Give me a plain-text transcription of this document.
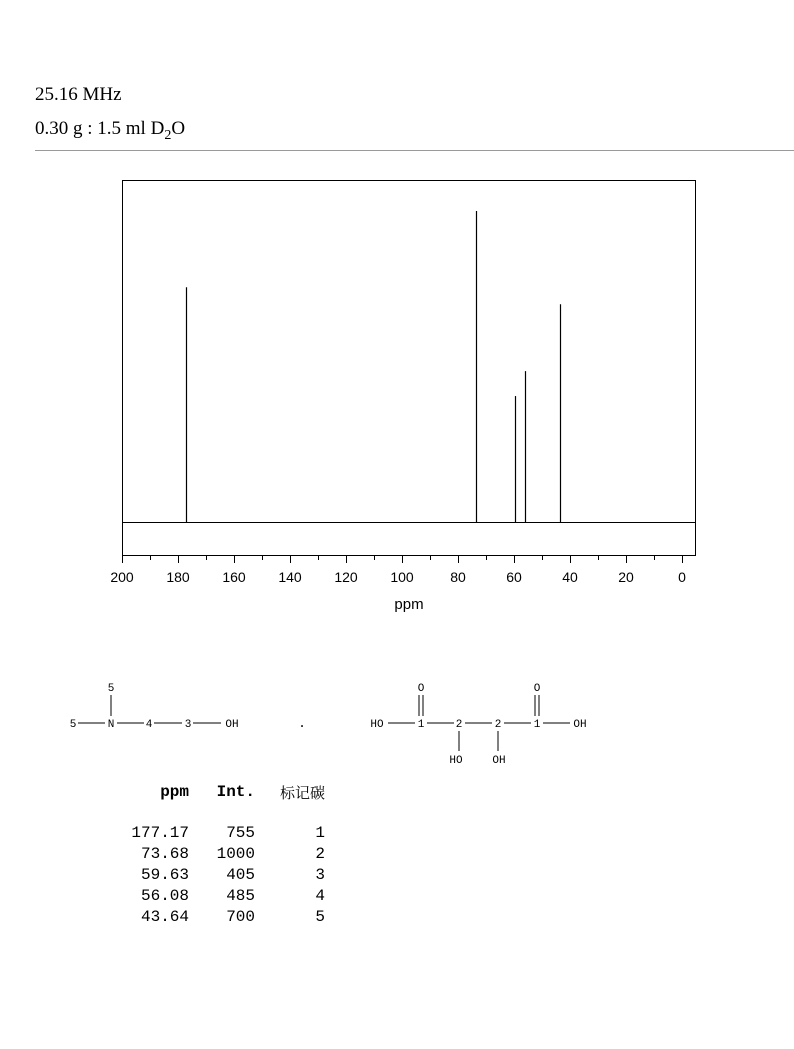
25.16 MHz
0.30 g : 1.5 ml $D_2O$
200 180 160 140 120 100	80	60	40	20	0
ppm
5
5	N	4	3	OH	.	HO	1
O
2
HO
2
OH
1
O
OH
ppm	Int.	标记碳

177.17	755	1
73.68	1000	2
59.63	405	3
56.08	485	4
43.64	700	5
